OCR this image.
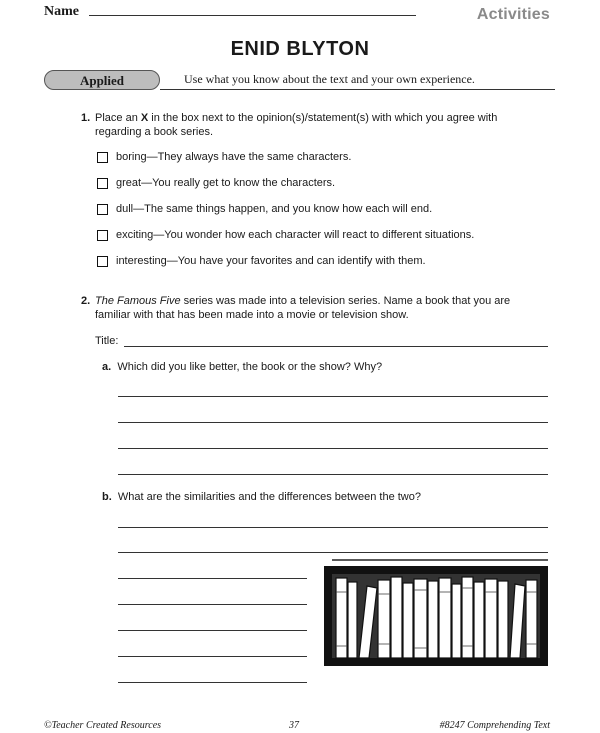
Name	Activities
ENID BLYTON
Applied	Use what you know about the text and your own experience.
1. Place an X in the box next to the opinion(s)/statement(s) with which you agree with
regarding a book series.
boring—They always have the same characters.
great—You really get to know the characters.
dull—The same things happen, and you know how each will end.
exciting—You wonder how each character will react to different situations.
interesting—You have your favorites and can identify with them.
2. The Famous Five series was made into a television series. Name a book that you are
familiar with that has been made into a movie or television show.
Title:
a. Which did you like better, the book or the show? Why?
b. What are the similarities and the differences between the two?
©Teacher Created Resources	37	#8247 Comprehending Text
